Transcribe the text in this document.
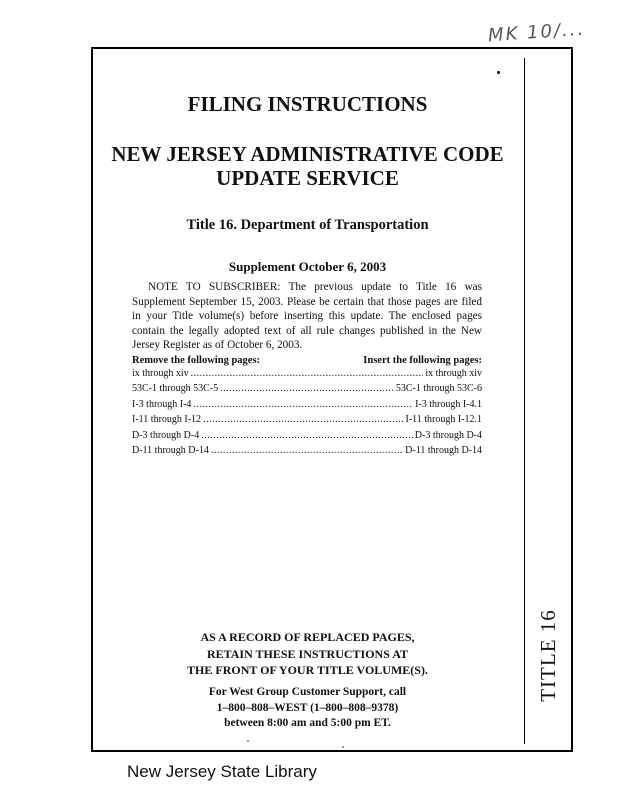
MK 10/...
FILING INSTRUCTIONS
NEW JERSEY ADMINISTRATIVE CODE
UPDATE SERVICE
Title 16. Department of Transportation
Supplement October 6, 2003
NOTE TO SUBSCRIBER: The previous update to Title 16 was Supplement September 15, 2003. Please be certain that those pages are filed in your Title volume(s) before inserting this update. The enclosed pages contain the legally adopted text of all rule changes published in the New Jersey Register as of October 6, 2003.
Remove the following pages:	Insert the following pages:
ix through xiv .....	ix through xiv
53C-1 through 53C-5 .....	53C-1 through 53C-6
I-3 through I-4 .....	I-3 through I-4.1
I-11 through I-12 .....	I-11 through I-12.1
D-3 through D-4 .....	D-3 through D-4
D-11 through D-14 .....	D-11 through D-14
AS A RECORD OF REPLACED PAGES,
RETAIN THESE INSTRUCTIONS AT
THE FRONT OF YOUR TITLE VOLUME(S).
For West Group Customer Support, call
1–800–808–WEST (1–800–808–9378)
between 8:00 am and 5:00 pm ET.
TITLE 16
New Jersey State Library
